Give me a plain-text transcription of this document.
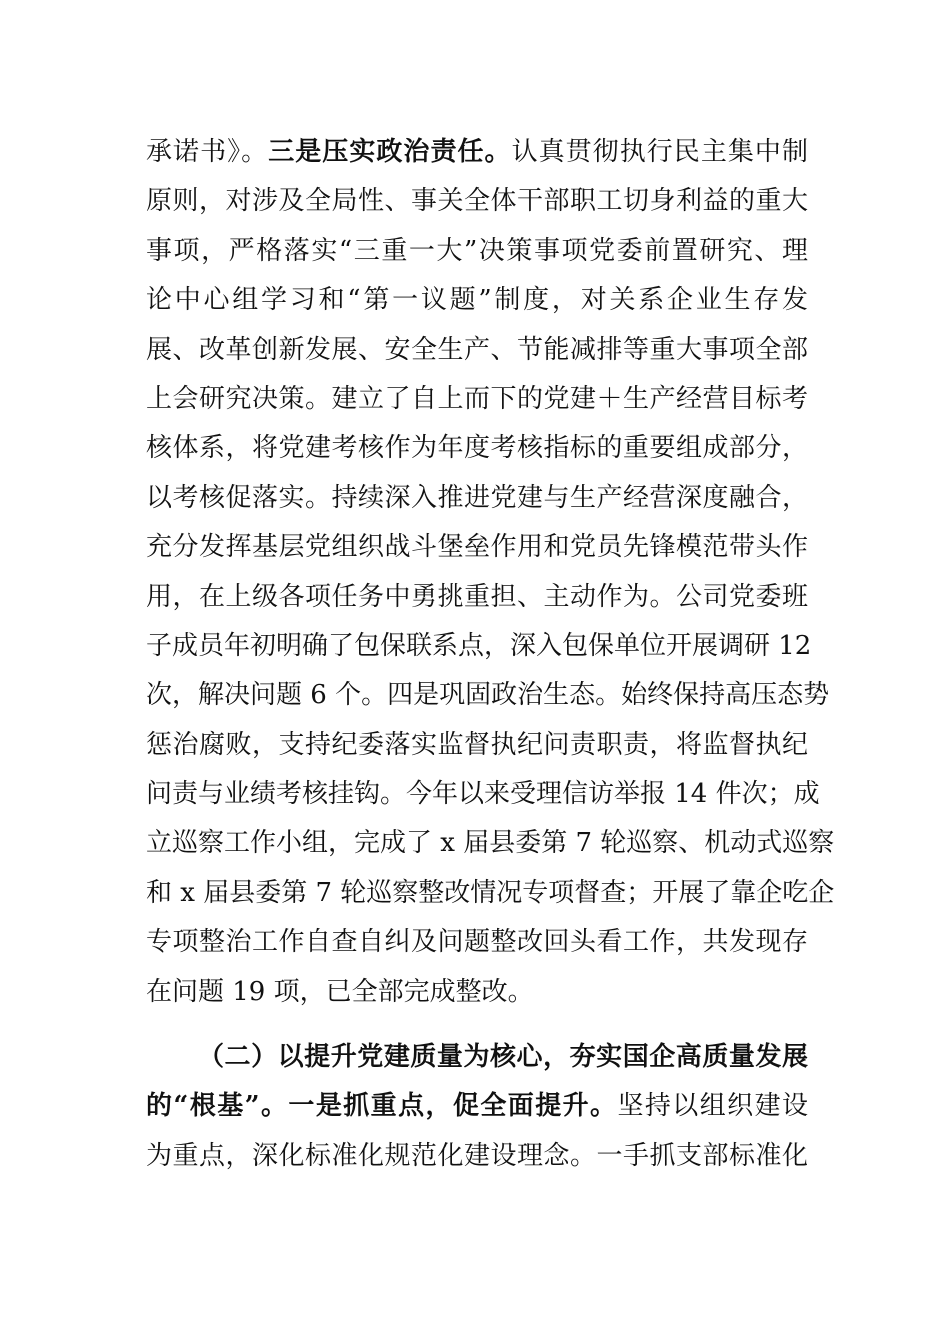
承诺书》。三是压实政治责任。认真贯彻执行民主集中制
原则，对涉及全局性、事关全体干部职工切身利益的重大
事项，严格落实“三重一大”决策事项党委前置研究、理
论中心组学习和“第一议题”制度，对关系企业生存发
展、改革创新发展、安全生产、节能减排等重大事项全部
上会研究决策。建立了自上而下的党建＋生产经营目标考
核体系，将党建考核作为年度考核指标的重要组成部分，
以考核促落实。持续深入推进党建与生产经营深度融合，
充分发挥基层党组织战斗堡垒作用和党员先锋模范带头作
用，在上级各项任务中勇挑重担、主动作为。公司党委班
子成员年初明确了包保联系点，深入包保单位开展调研 12
次，解决问题 6 个。四是巩固政治生态。始终保持高压态势
惩治腐败，支持纪委落实监督执纪问责职责，将监督执纪
问责与业绩考核挂钩。今年以来受理信访举报 14 件次；成
立巡察工作小组，完成了 x 届县委第 7 轮巡察、机动式巡察
和 x 届县委第 7 轮巡察整改情况专项督查；开展了靠企吃企
专项整治工作自查自纠及问题整改回头看工作，共发现存
在问题 19 项，已全部完成整改。
（二）以提升党建质量为核心，夯实国企高质量发展
的“根基”。一是抓重点，促全面提升。坚持以组织建设
为重点，深化标准化规范化建设理念。一手抓支部标准化
